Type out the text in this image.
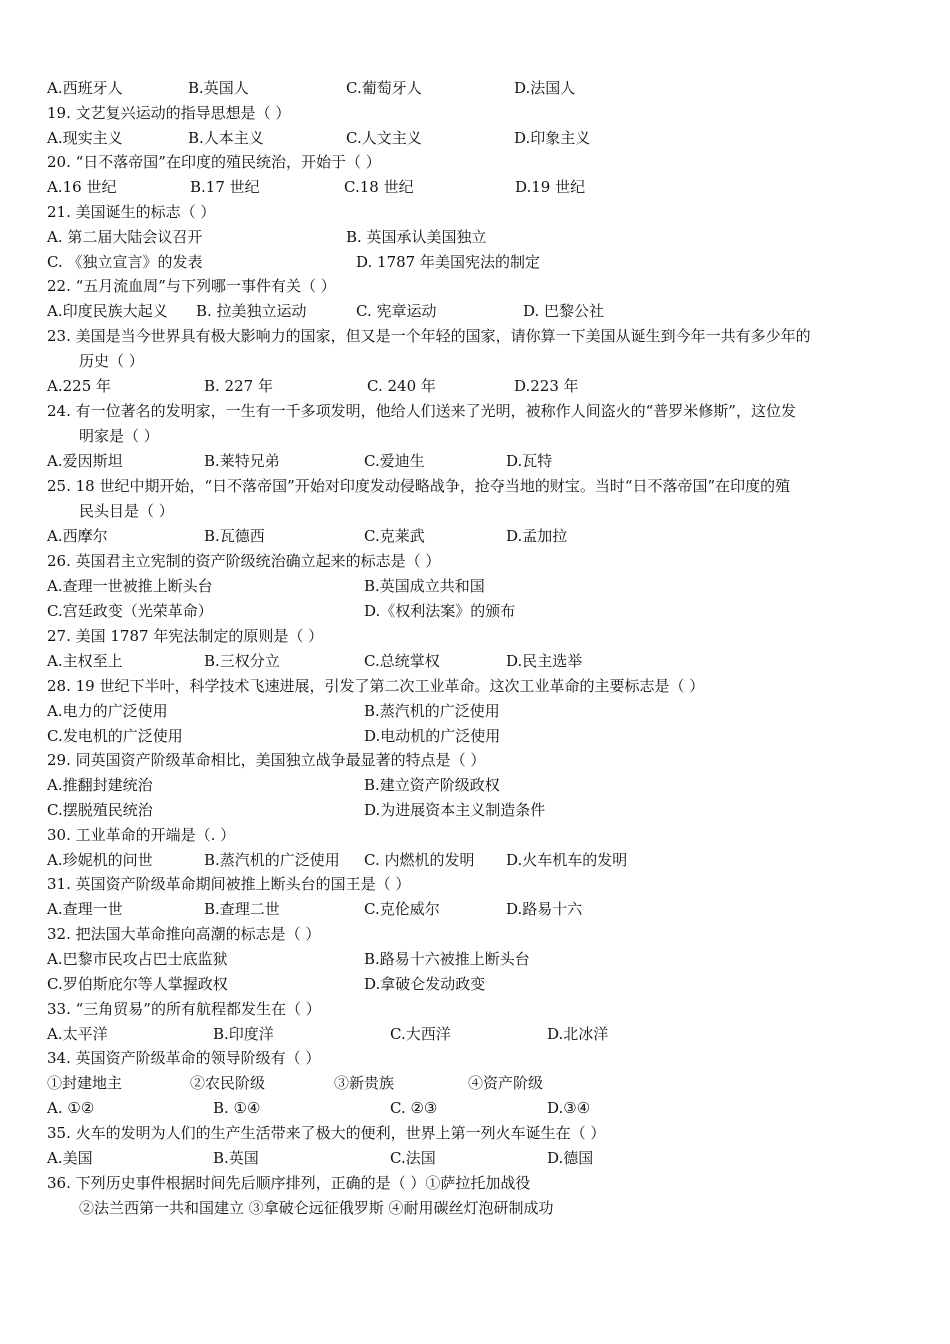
A.西班牙人	B.英国人	C.葡萄牙人	D.法国人
19. 文艺复兴运动的指导思想是（ ）
A.现实主义	B.人本主义	C.人文主义	D.印象主义
20. “日不落帝国”在印度的殖民统治，开始于（ ）
A.16 世纪	B.17 世纪	C.18 世纪	D.19 世纪
21. 美国诞生的标志（ ）
A. 第二届大陆会议召开	B. 英国承认美国独立
C. 《独立宣言》的发表	D. 1787 年美国宪法的制定
22. “五月流血周”与下列哪一事件有关（ ）
A.印度民族大起义 B. 拉美独立运动	C. 宪章运动	D. 巴黎公社
23. 美国是当今世界具有极大影响力的国家，但又是一个年轻的国家，请你算一下美国从诞生到今年一共有多少年的
历史（ ）
A.225 年	B. 227 年	C. 240 年	D.223 年
24. 有一位著名的发明家，一生有一千多项发明，他给人们送来了光明，被称作人间盗火的“普罗米修斯”，这位发
明家是（ ）
A.爱因斯坦	B.莱特兄弟	C.爱迪生	D.瓦特
25. 18 世纪中期开始，“日不落帝国”开始对印度发动侵略战争，抢夺当地的财宝。当时“日不落帝国”在印度的殖
民头目是（ ）
A.西摩尔	B.瓦德西	C.克莱武	D.孟加拉
26. 英国君主立宪制的资产阶级统治确立起来的标志是（ ）
A.查理一世被推上断头台	B.英国成立共和国
C.宫廷政变（光荣革命）	D.《权利法案》的颁布
27. 美国 1787 年宪法制定的原则是（ ）
A.主权至上	B.三权分立	C.总统掌权	D.民主选举
28. 19 世纪下半叶，科学技术飞速进展，引发了第二次工业革命。这次工业革命的主要标志是（ ）
A.电力的广泛使用	B.蒸汽机的广泛使用
C.发电机的广泛使用	D.电动机的广泛使用
29. 同英国资产阶级革命相比，美国独立战争最显著的特点是（ ）
A.推翻封建统治	B.建立资产阶级政权
C.摆脱殖民统治	D.为进展资本主义制造条件
30. 工业革命的开端是（. ）
A.珍妮机的问世	B.蒸汽机的广泛使用 C. 内燃机的发明 D.火车机车的发明
31. 英国资产阶级革命期间被推上断头台的国王是（ ）
A.查理一世	B.查理二世	C.克伦威尔	D.路易十六
32. 把法国大革命推向高潮的标志是（ ）
A.巴黎市民攻占巴士底监狱	B.路易十六被推上断头台
C.罗伯斯庇尔等人掌握政权	D.拿破仑发动政变
33. “三角贸易”的所有航程都发生在（ ）
A.太平洋	B.印度洋	C.大西洋	D.北冰洋
34. 英国资产阶级革命的领导阶级有（ ）
①封建地主	②农民阶级	③新贵族	④资产阶级
A. ①②	B. ①④	C. ②③	D.③④
35. 火车的发明为人们的生产生活带来了极大的便利，世界上第一列火车诞生在（ ）
A.美国	B.英国	C.法国	D.德国
36. 下列历史事件根据时间先后顺序排列，正确的是（ ）①萨拉托加战役
②法兰西第一共和国建立 ③拿破仑远征俄罗斯 ④耐用碳丝灯泡研制成功
